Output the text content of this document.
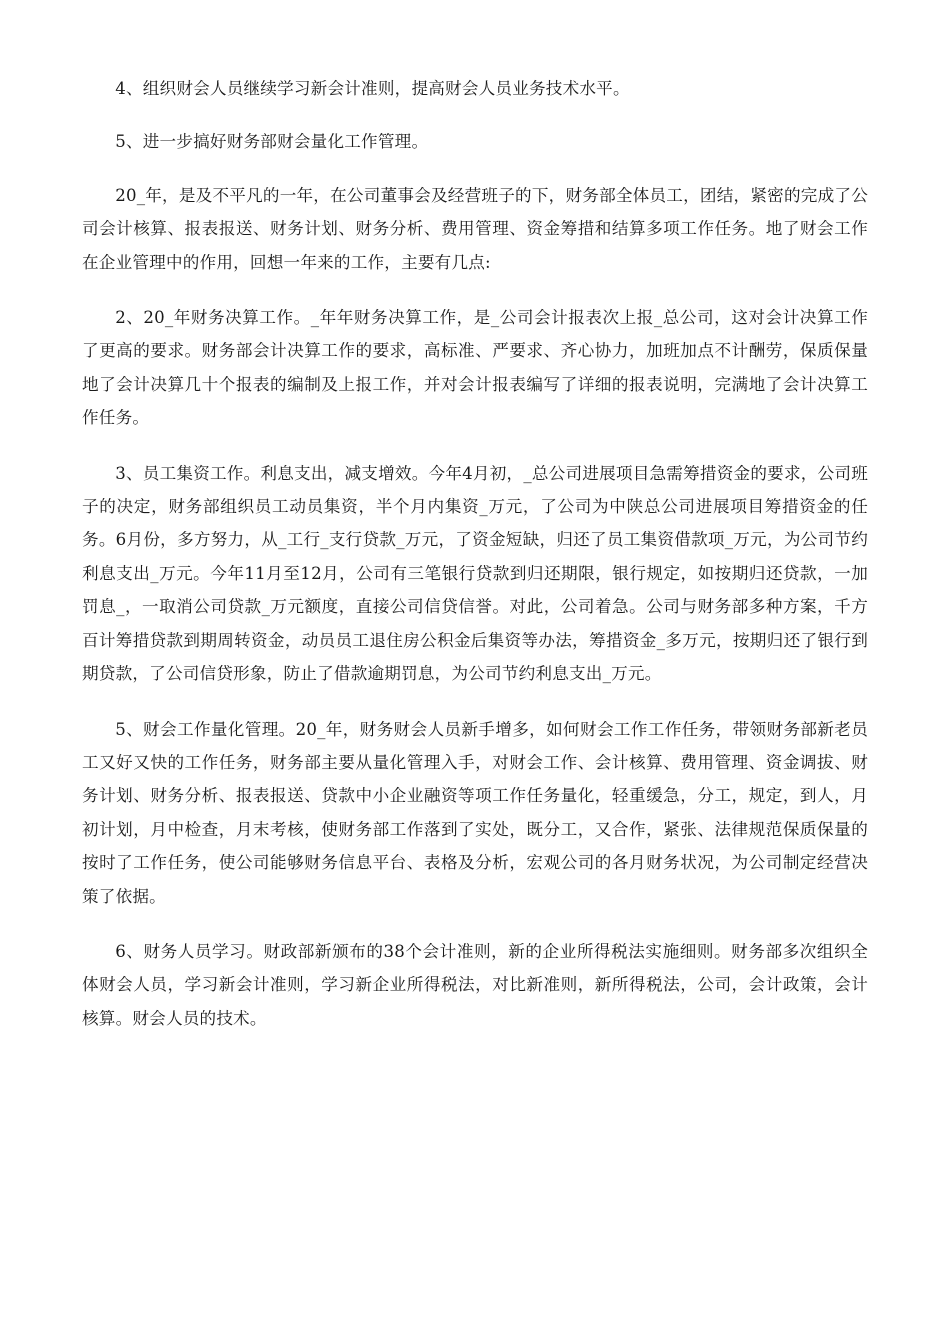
4、组织财会人员继续学习新会计准则，提高财会人员业务技术水平。

5、进一步搞好财务部财会量化工作管理。

20_年，是及不平凡的一年，在公司董事会及经营班子的下，财务部全体员工，团结，紧密的完成了公司会计核算、报表报送、财务计划、财务分析、费用管理、资金筹措和结算多项工作任务。地了财会工作在企业管理中的作用，回想一年来的工作，主要有几点:

2、20_年财务决算工作。_年年财务决算工作，是_公司会计报表次上报_总公司，这对会计决算工作了更高的要求。财务部会计决算工作的要求，高标准、严要求、齐心协力，加班加点不计酬劳，保质保量地了会计决算几十个报表的编制及上报工作，并对会计报表编写了详细的报表说明，完满地了会计决算工作任务。

3、员工集资工作。利息支出，减支增效。今年4月初，_总公司进展项目急需筹措资金的要求，公司班子的决定，财务部组织员工动员集资，半个月内集资_万元，了公司为中陕总公司进展项目筹措资金的任务。6月份，多方努力，从_工行_支行贷款_万元，了资金短缺，归还了员工集资借款项_万元，为公司节约利息支出_万元。今年11月至12月，公司有三笔银行贷款到归还期限，银行规定，如按期归还贷款，一加罚息_，一取消公司贷款_万元额度，直接公司信贷信誉。对此，公司着急。公司与财务部多种方案，千方百计筹措贷款到期周转资金，动员员工退住房公积金后集资等办法，筹措资金_多万元，按期归还了银行到期贷款，了公司信贷形象，防止了借款逾期罚息，为公司节约利息支出_万元。

5、财会工作量化管理。20_年，财务财会人员新手增多，如何财会工作工作任务，带领财务部新老员工又好又快的工作任务，财务部主要从量化管理入手，对财会工作、会计核算、费用管理、资金调拔、财务计划、财务分析、报表报送、贷款中小企业融资等项工作任务量化，轻重缓急，分工，规定，到人，月初计划，月中检查，月末考核，使财务部工作落到了实处，既分工，又合作，紧张、法律规范保质保量的按时了工作任务，使公司能够财务信息平台、表格及分析，宏观公司的各月财务状况，为公司制定经营决策了依据。

6、财务人员学习。财政部新颁布的38个会计准则，新的企业所得税法实施细则。财务部多次组织全体财会人员，学习新会计准则，学习新企业所得税法，对比新准则，新所得税法，公司，会计政策，会计核算。财会人员的技术。
